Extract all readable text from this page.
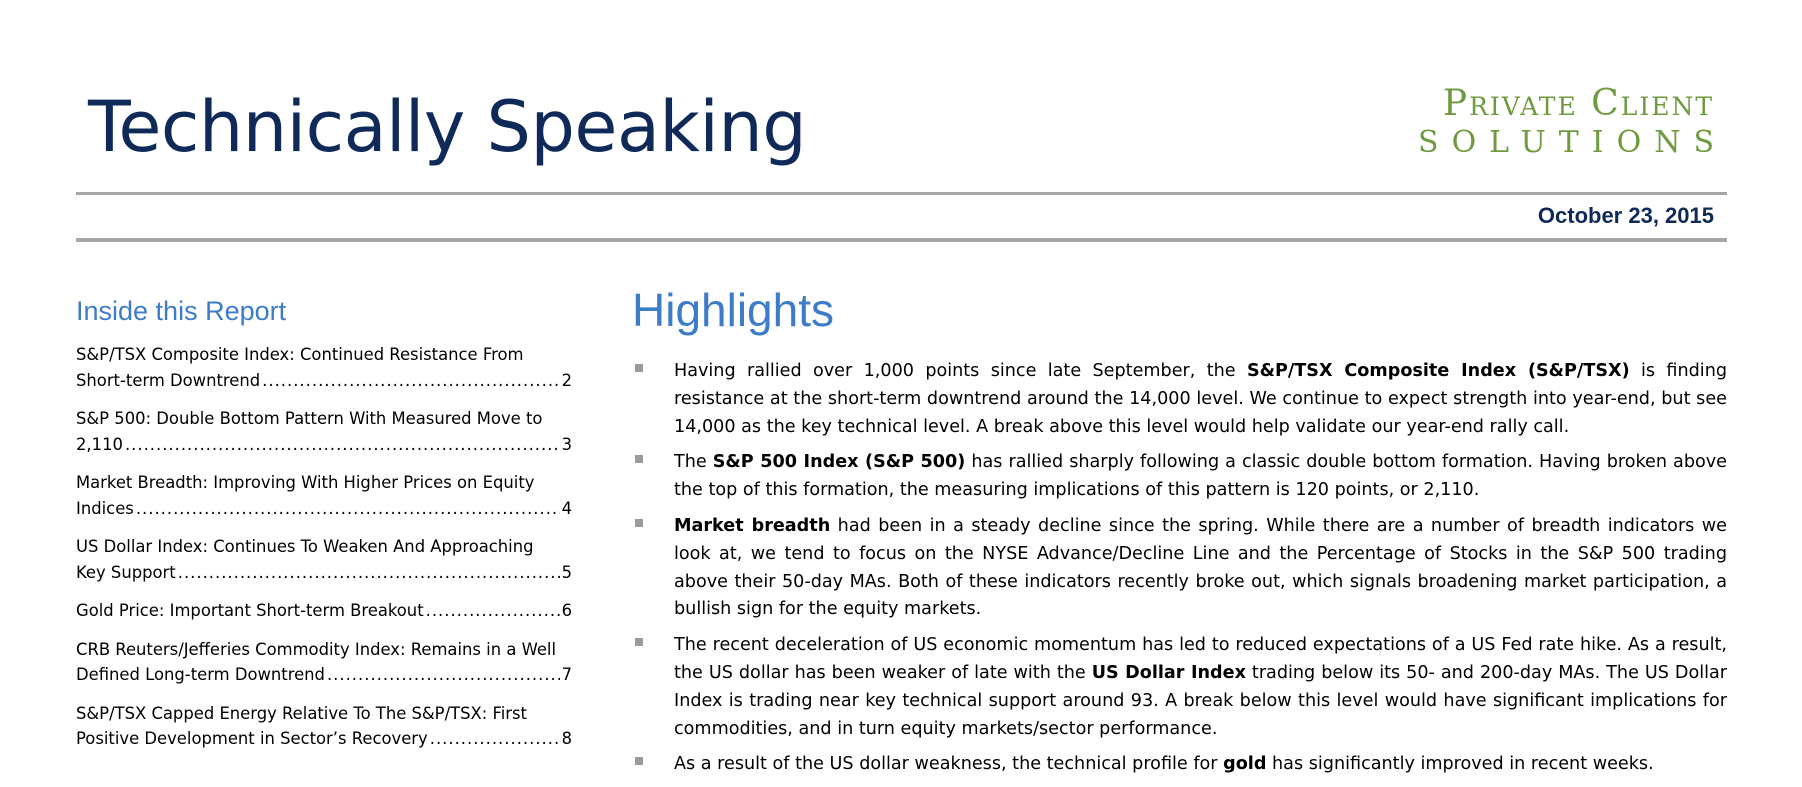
Technically Speaking	Private Client
SOLUTIONS
October 23, 2015
Inside this Report
S&P/TSX Composite Index: Continued Resistance From
Short-term Downtrend .....	2
S&P 500: Double Bottom Pattern With Measured Move to
2,110 .....	3
Market Breadth: Improving With Higher Prices on Equity
Indices .....	4
US Dollar Index: Continues To Weaken And Approaching
Key Support .....	5
Gold Price: Important Short-term Breakout .....	6
CRB Reuters/Jefferies Commodity Index: Remains in a Well
Defined Long-term Downtrend .....	7
S&P/TSX Capped Energy Relative To The S&P/TSX: First
Positive Development in Sector’s Recovery .....	8
Highlights
Having rallied over 1,000 points since late September, the S&P/TSX Composite Index (S&P/TSX) is finding resistance at the short-term downtrend around the 14,000 level. We continue to expect strength into year-end, but see 14,000 as the key technical level. A break above this level would help validate our year-end rally call.
The S&P 500 Index (S&P 500) has rallied sharply following a classic double bottom formation. Having broken above the top of this formation, the measuring implications of this pattern is 120 points, or 2,110.
Market breadth had been in a steady decline since the spring. While there are a number of breadth indicators we look at, we tend to focus on the NYSE Advance/Decline Line and the Percentage of Stocks in the S&P 500 trading above their 50-day MAs. Both of these indicators recently broke out, which signals broadening market participation, a bullish sign for the equity markets.
The recent deceleration of US economic momentum has led to reduced expectations of a US Fed rate hike. As a result, the US dollar has been weaker of late with the US Dollar Index trading below its 50- and 200-day MAs. The US Dollar Index is trading near key technical support around 93. A break below this level would have significant implications for commodities, and in turn equity markets/sector performance.
As a result of the US dollar weakness, the technical profile for gold has significantly improved in recent weeks.
